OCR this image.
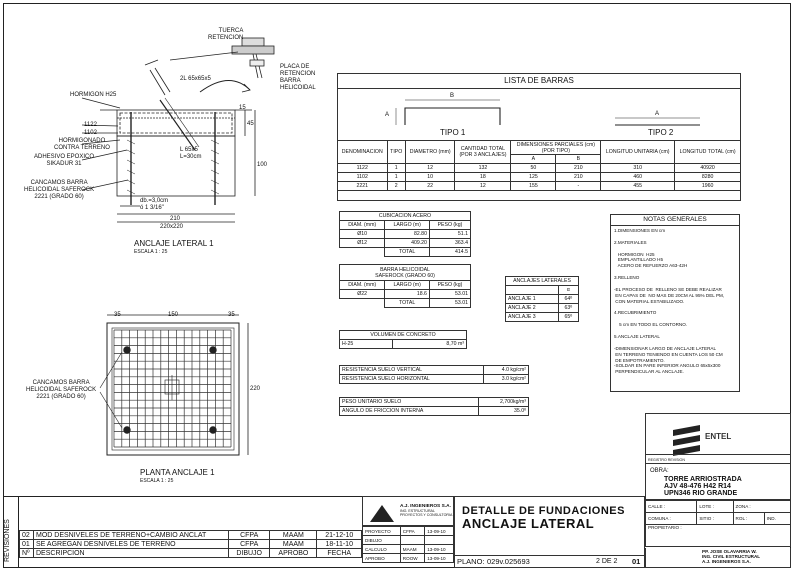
TUERCA
RETENCION
PLACA DE
RETENCION
BARRA
HELICOIDAL
2L 65x65x5
HORMIGON H25
1122
1102
HORMIGONADO
CONTRA TERRENO
ADHESIVO EPOXICO
SIKADUR 31
CANCAMOS BARRA
HELICOIDAL SAFEROCK
2221 (GRADO 60)
L 65x5
L=30cm
db.=3,0cm
ó 1 3/16"
210
220x220
45
100
15
ANCLAJE LATERAL 1
ESCALA 1 : 25
35	150	35
220
CANCAMOS BARRA
HELICOIDAL SAFEROCK
2221 (GRADO 60)
PLANTA ANCLAJE 1
ESCALA 1 : 25
LISTA DE BARRAS
B
A	A
TIPO 1	TIPO 2
DENOMINACION	TIPO	DIAMETRO (mm)	CANTIDAD TOTAL
(POR 3 ANCLAJES)	DIMENSIONES PARCIALES (cm)
(POR TIPO)		LONGITUD UNITARIA (cm)	LONGITUD TOTAL (cm)
				A	B		
1122	1	12	132	50	210	310	40920
1102	1	10	18	125	210	460	8280
2221	2	22	12	155	-	455	1960
CUBICACION ACERO		
DIAM. (mm)	LARGO (m)	PESO (kg)
Ø10	82.80	51.1
Ø12	409.20	363.4
	TOTAL	414.5
BARRA HELICOIDAL
SAFEROCK (GRADO 60)		
DIAM. (mm)	LARGO (m)	PESO (kg)
Ø22	18.6	53.01
	TOTAL	53.01
ANCLAJES LATERALES	
	α
ANCLAJE 1	64º
ANCLAJE 2	63º
ANCLAJE 3	65º
VOLUMEN DE CONCRETO
H-25	8,70 m³
RESISTENCIA SUELO VERTICAL	4.0 kg/cm²
RESISTENCIA SUELO HORIZONTAL	3.0 kg/cm²
PESO UNITARIO SUELO	2,700kg/m³
ANGULO DE FRICCION INTERNA	35.0º
NOTAS GENERALES
1.DIMENSIONES EN cm
2.MATERIALES
HORMIGON  H25
EMPLANTILLADO H5
ACERO DE REFUERZO A63-42H
3.RELLENO
-EL PROCESO DE  RELLENO SE DEBE REALIZAR
EN CAPAS DE  NO MAS DE 20CM AL 95% DEL PM,
CON MATERIAL ESTABILIZADO.
4.RECUBRIMIENTO
5 cm EN TODO EL CONTORNO.
5.ANCLAJE LATERAL
-DIMENSIONAR LARGO DE ANCLAJE LATERAL
EN TERRENO TENIENDO EN CUENTA LOS 50 CM
DE EMPOTRAMIENTO.
-SOLDAR EN PARE INFERIOR ANGULO 65x5x300
PERPENDICULAR AL ANCLAJE.
ENTEL
REGISTRO REVISION
OBRA:
TORRE ARRIOSTRADA
AJV 48-476 H42 R14
UPN346 RIO GRANDE
CALLE :	LOTE :	ZONA :	
COMUNA :	SITIO :	ROL :	IND.
PROPIETARIO :			
PP. JOSE OLAVARRIA W.
ING. CIVIL ESTRUCTURAL
A.J. INGENIEROS S.A.
REVISIONES 02	MOD DESNIVELES DE TERRENO+CAMBIO ANCLAT	CFPA	MAAM	21-12-10
01	SE AGREGAN DESNIVELES DE TERRENO	CFPA	MAAM	18-11-10
Nº	DESCRIPCION	DIBUJO	APROBO	FECHA
A.J. INGENIEROS S.A.
ING. ESTRUCTURAL
PROYECTOS Y CONSULTORIA
PROYECTO	CFPA	13-09-10
DIBUJO		
CALCULO	MAAM	13-09-10
APROBO	ROOW	13-09-10
DETALLE DE FUNDACIONES
ANCLAJE LATERAL
PLANO: 029v.025693	2 DE 2 01
